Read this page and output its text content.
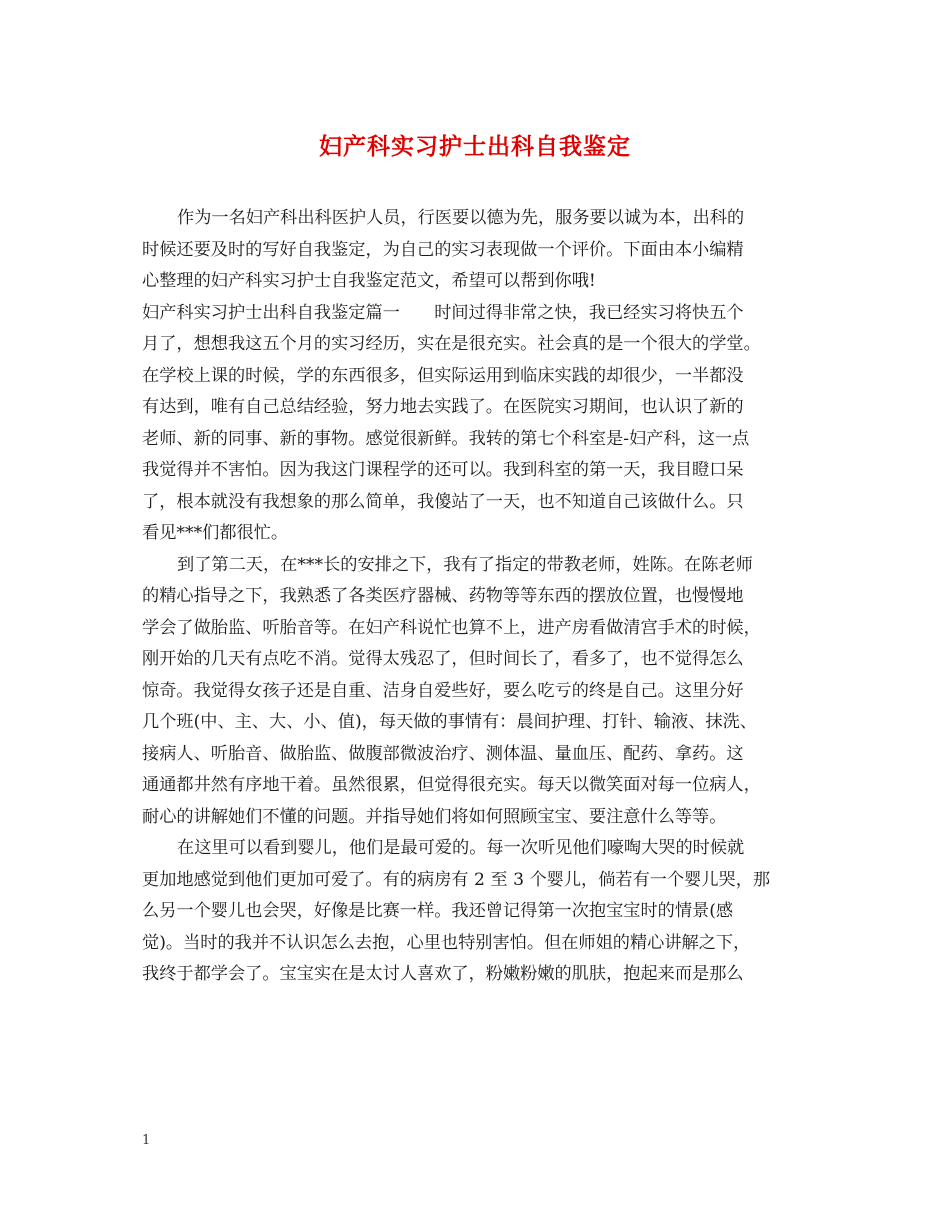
妇产科实习护士出科自我鉴定
作为一名妇产科出科医护人员，行医要以德为先，服务要以诚为本，出科的
时候还要及时的写好自我鉴定，为自己的实习表现做一个评价。下面由本小编精
心整理的妇产科实习护士自我鉴定范文，希望可以帮到你哦!
妇产科实习护士出科自我鉴定篇一　　时间过得非常之快，我已经实习将快五个
月了，想想我这五个月的实习经历，实在是很充实。社会真的是一个很大的学堂。
在学校上课的时候，学的东西很多，但实际运用到临床实践的却很少，一半都没
有达到，唯有自己总结经验，努力地去实践了。在医院实习期间，也认识了新的
老师、新的同事、新的事物。感觉很新鲜。我转的第七个科室是-妇产科，这一点
我觉得并不害怕。因为我这门课程学的还可以。我到科室的第一天，我目瞪口呆
了，根本就没有我想象的那么简单，我傻站了一天，也不知道自己该做什么。只
看见***们都很忙。
到了第二天，在***长的安排之下，我有了指定的带教老师，姓陈。在陈老师
的精心指导之下，我熟悉了各类医疗器械、药物等等东西的摆放位置，也慢慢地
学会了做胎监、听胎音等。在妇产科说忙也算不上，进产房看做清宫手术的时候，
刚开始的几天有点吃不消。觉得太残忍了，但时间长了，看多了，也不觉得怎么
惊奇。我觉得女孩子还是自重、洁身自爱些好，要么吃亏的终是自己。这里分好
几个班(中、主、大、小、值)，每天做的事情有：晨间护理、打针、输液、抹洗、
接病人、听胎音、做胎监、做腹部微波治疗、测体温、量血压、配药、拿药。这
通通都井然有序地干着。虽然很累，但觉得很充实。每天以微笑面对每一位病人，
耐心的讲解她们不懂的问题。并指导她们将如何照顾宝宝、要注意什么等等。
在这里可以看到婴儿，他们是最可爱的。每一次听见他们嚎啕大哭的时候就
更加地感觉到他们更加可爱了。有的病房有 2 至 3 个婴儿，倘若有一个婴儿哭，那
么另一个婴儿也会哭，好像是比赛一样。我还曾记得第一次抱宝宝时的情景(感
觉)。当时的我并不认识怎么去抱，心里也特别害怕。但在师姐的精心讲解之下，
我终于都学会了。宝宝实在是太讨人喜欢了，粉嫩粉嫩的肌肤，抱起来而是那么
1
